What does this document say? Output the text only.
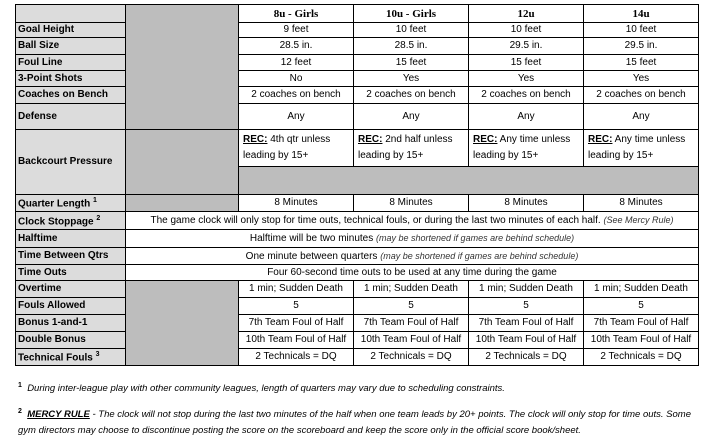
		8u - Girls	10u - Girls	12u	14u
Goal Height		9 feet	10 feet	10 feet	10 feet
Ball Size		28.5 in.	28.5 in.	29.5 in.	29.5 in.
Foul Line		12 feet	15 feet	15 feet	15 feet
3-Point Shots		No	Yes	Yes	Yes
Coaches on Bench		2 coaches on bench	2 coaches on bench	2 coaches on bench	2 coaches on bench
Defense		Any	Any	Any	Any
Backcourt Pressure		REC: 4th qtr unless leading by 15+	REC: 2nd half unless leading by 15+	REC: Any time unless leading by 15+	REC: Any time unless leading by 15+

Quarter Length $^1$		8 Minutes	8 Minutes	8 Minutes	8 Minutes
Clock Stoppage $^2$	The game clock will only stop for time outs, technical fouls, or during the last two minutes of each half. (See Mercy Rule)				
Halftime	Halftime will be two minutes (may be shortened if games are behind schedule)				
Time Between Qtrs	One minute between quarters (may be shortened if games are behind schedule)				
Time Outs	Four 60-second time outs to be used at any time during the game				
Overtime		1 min; Sudden Death	1 min; Sudden Death	1 min; Sudden Death	1 min; Sudden Death
Fouls Allowed		5	5	5	5
Bonus 1-and-1		7th Team Foul of Half	7th Team Foul of Half	7th Team Foul of Half	7th Team Foul of Half
Double Bonus		10th Team Foul of Half	10th Team Foul of Half	10th Team Foul of Half	10th Team Foul of Half
Technical Fouls $^3$		2 Technicals = DQ	2 Technicals = DQ	2 Technicals = DQ	2 Technicals = DQ
$^1$ During inter-league play with other community leagues, length of quarters may vary due to scheduling constraints.
$^2$ MERCY RULE - The clock will not stop during the last two minutes of the half when one team leads by 20+ points. The clock will only stop for time outs. Some gym directors may choose to discontinue posting the score on the scoreboard and keep the score only in the official score book/sheet.
